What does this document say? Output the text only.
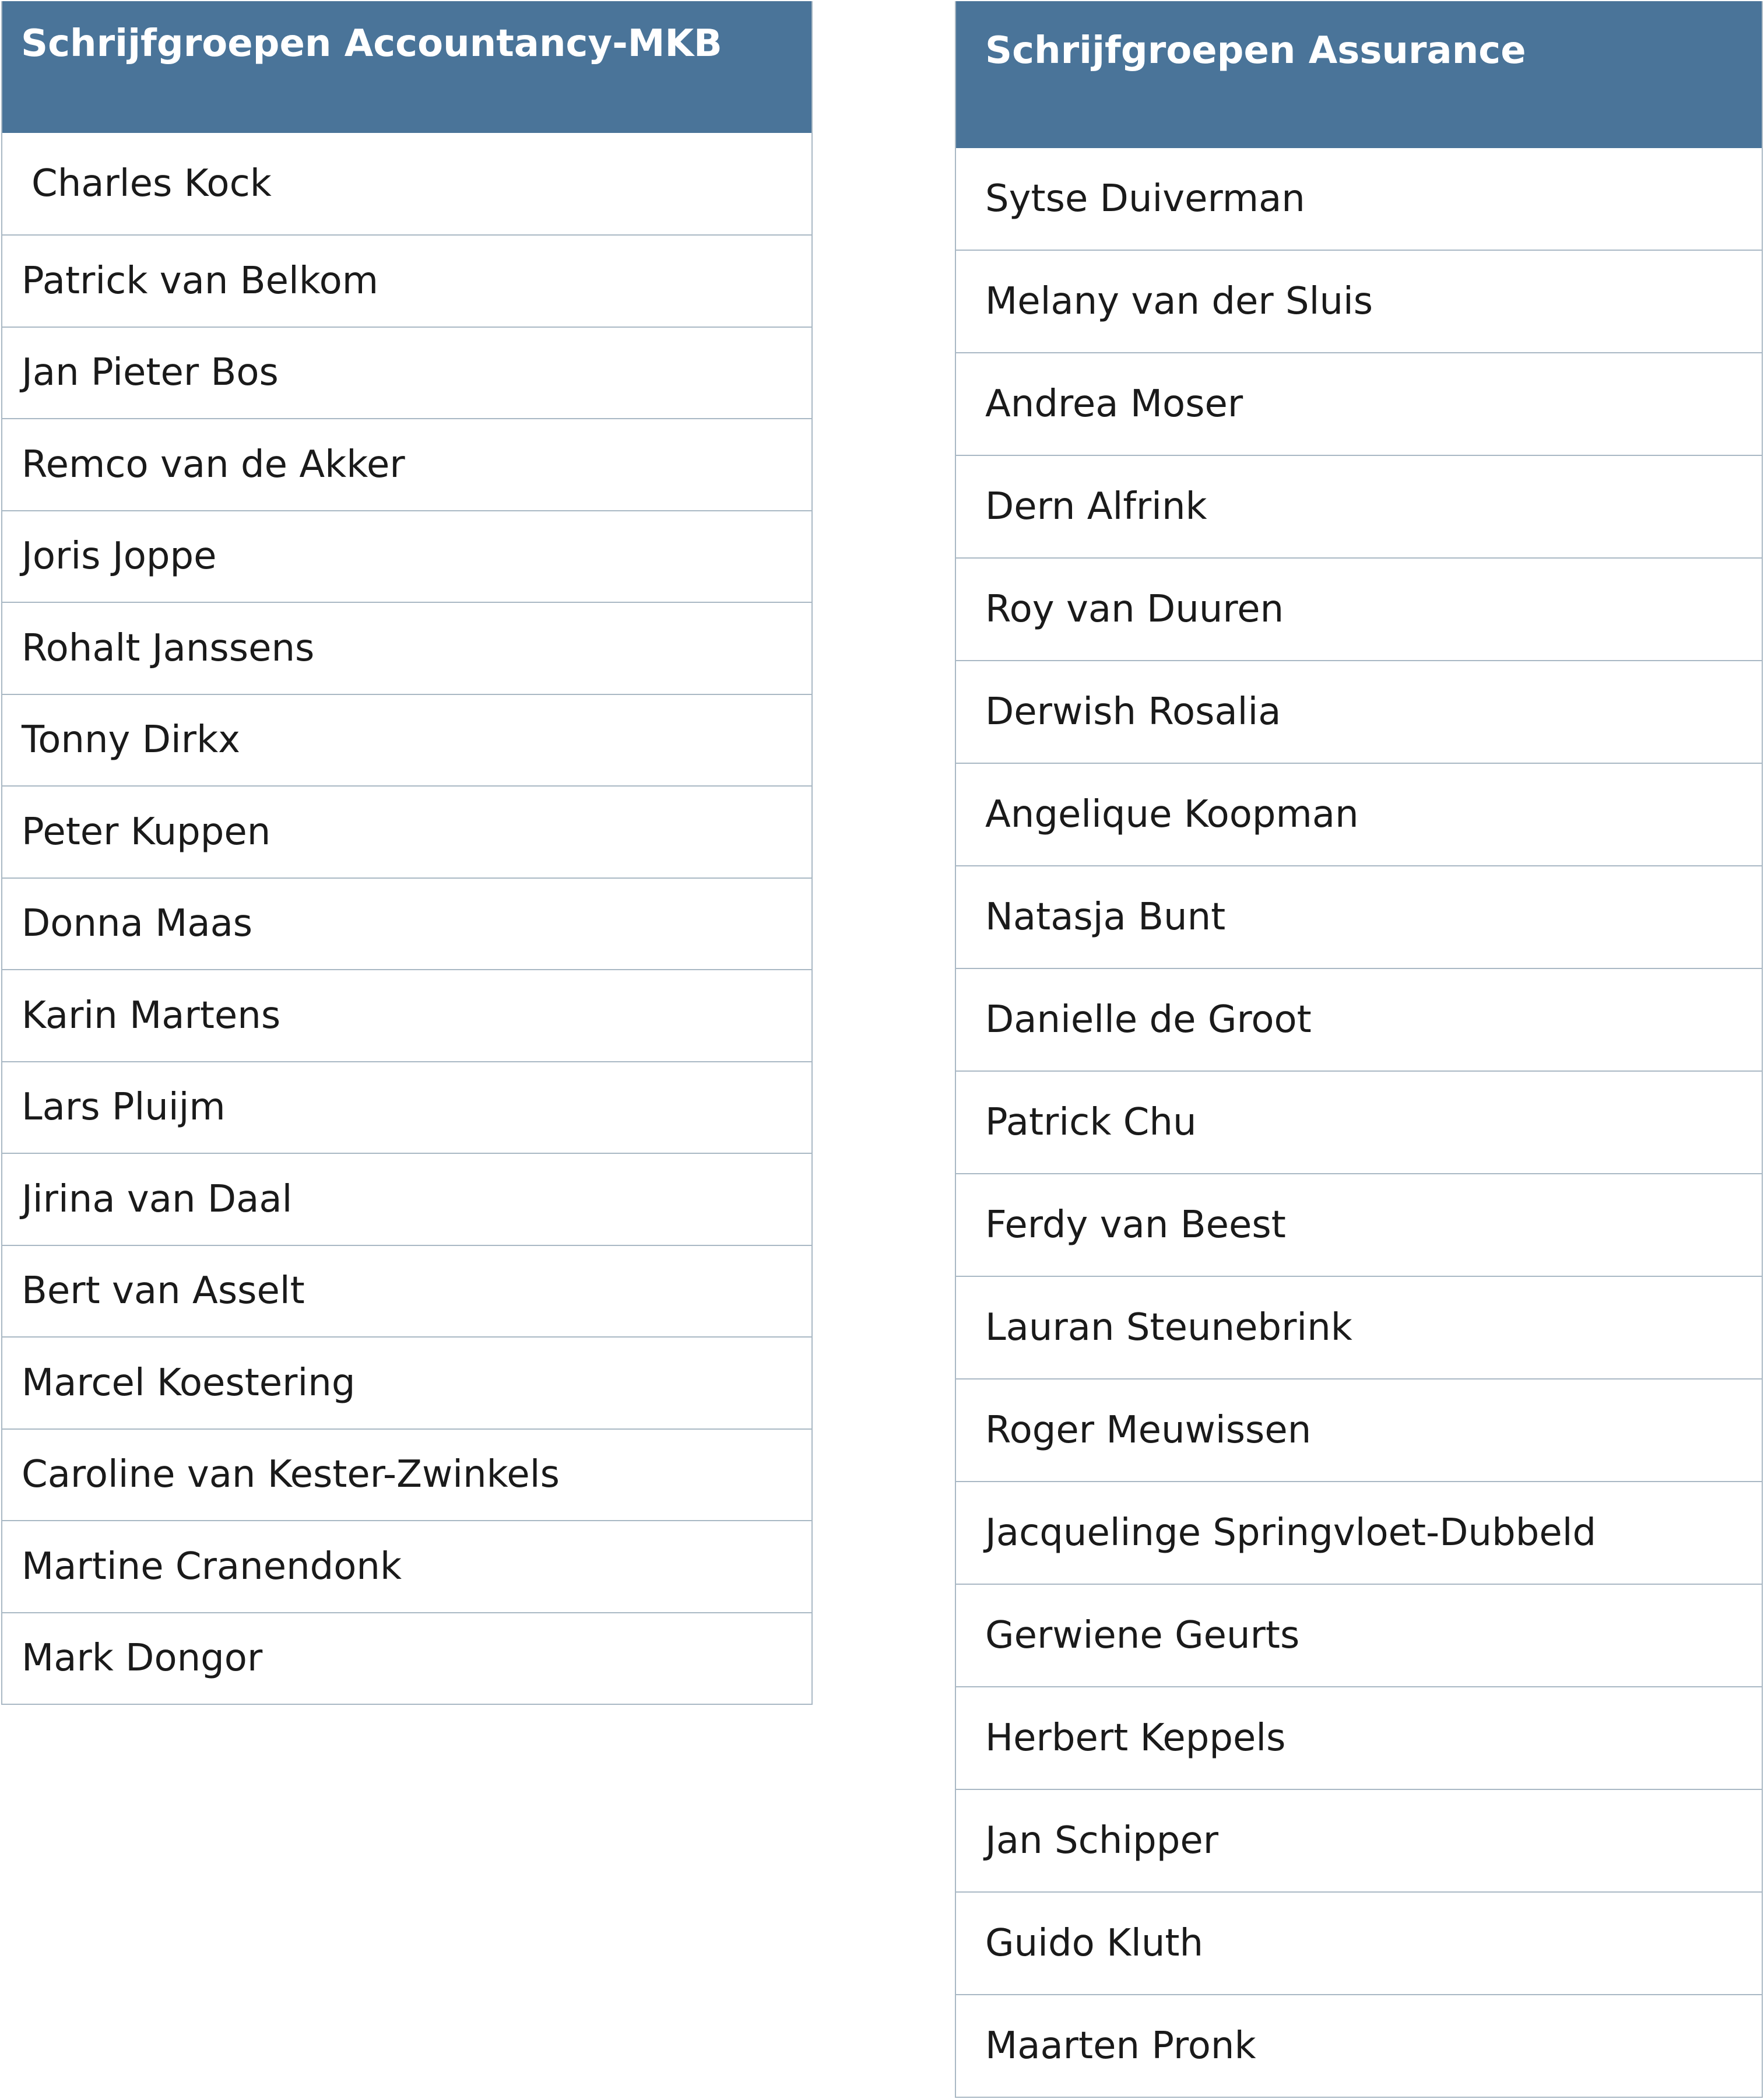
Schrijfgroepen Accountancy-MKB
Charles Kock
Patrick van Belkom
Jan Pieter Bos
Remco van de Akker
Joris Joppe
Rohalt Janssens
Tonny Dirkx
Peter Kuppen
Donna Maas
Karin Martens
Lars Pluijm
Jirina van Daal
Bert van Asselt
Marcel Koestering
Caroline van Kester-Zwinkels
Martine Cranendonk
Mark Dongor
Schrijfgroepen Assurance
Sytse Duiverman
Melany van der Sluis
Andrea Moser
Dern Alfrink
Roy van Duuren
Derwish Rosalia
Angelique Koopman
Natasja Bunt
Danielle de Groot
Patrick Chu
Ferdy van Beest
Lauran Steunebrink
Roger Meuwissen
Jacquelinge Springvloet-Dubbeld
Gerwiene Geurts
Herbert Keppels
Jan Schipper
Guido Kluth
Maarten Pronk
